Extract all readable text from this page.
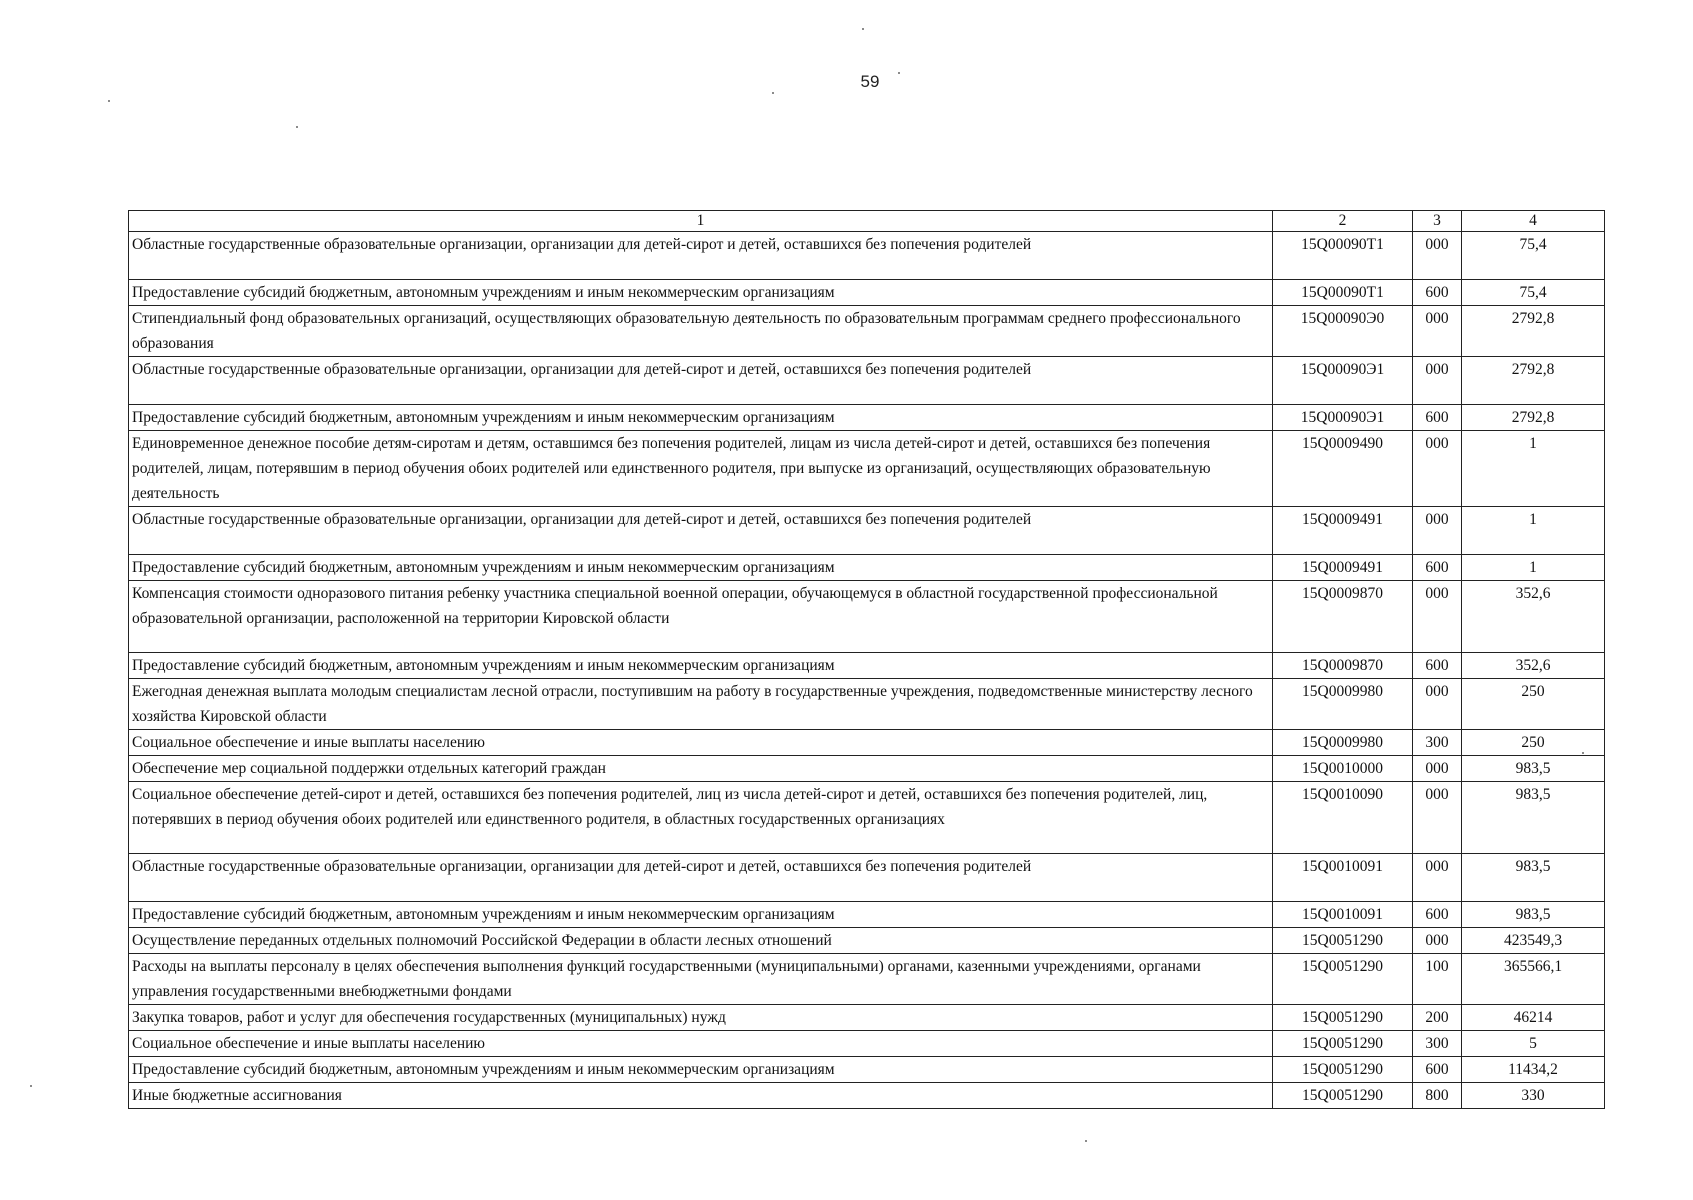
59
1	2	3	4
Областные государственные образовательные организации, организации для детей-сирот и детей, оставшихся без попечения родителей	15Q00090Т1	000	75,4
Предоставление субсидий бюджетным, автономным учреждениям и иным некоммерческим организациям	15Q00090Т1	600	75,4
Стипендиальный фонд образовательных организаций, осуществляющих образовательную деятельность по образовательным программам среднего профессионального образования	15Q00090Э0	000	2792,8
Областные государственные образовательные организации, организации для детей-сирот и детей, оставшихся без попечения родителей	15Q00090Э1	000	2792,8
Предоставление субсидий бюджетным, автономным учреждениям и иным некоммерческим организациям	15Q00090Э1	600	2792,8
Единовременное денежное пособие детям-сиротам и детям, оставшимся без попечения родителей, лицам из числа детей-сирот и детей, оставшихся без попечения родителей, лицам, потерявшим в период обучения обоих родителей или единственного родителя, при выпуске из организаций, осуществляющих образовательную деятельность	15Q0009490	000	1
Областные государственные образовательные организации, организации для детей-сирот и детей, оставшихся без попечения родителей	15Q0009491	000	1
Предоставление субсидий бюджетным, автономным учреждениям и иным некоммерческим организациям	15Q0009491	600	1
Компенсация стоимости одноразового питания ребенку участника специальной военной операции, обучающемуся в областной государственной профессиональной образовательной организации, расположенной на территории Кировской области	15Q0009870	000	352,6
Предоставление субсидий бюджетным, автономным учреждениям и иным некоммерческим организациям	15Q0009870	600	352,6
Ежегодная денежная выплата молодым специалистам лесной отрасли, поступившим на работу в государственные учреждения, подведомственные министерству лесного хозяйства Кировской области	15Q0009980	000	250
Социальное обеспечение и иные выплаты населению	15Q0009980	300	250
Обеспечение мер социальной поддержки отдельных категорий граждан	15Q0010000	000	983,5
Социальное обеспечение детей-сирот и детей, оставшихся без попечения родителей, лиц из числа детей-сирот и детей, оставшихся без попечения родителей, лиц, потерявших в период обучения обоих родителей или единственного родителя, в областных государственных организациях	15Q0010090	000	983,5
Областные государственные образовательные организации, организации для детей-сирот и детей, оставшихся без попечения родителей	15Q0010091	000	983,5
Предоставление субсидий бюджетным, автономным учреждениям и иным некоммерческим организациям	15Q0010091	600	983,5
Осуществление переданных отдельных полномочий Российской Федерации в области лесных отношений	15Q0051290	000	423549,3
Расходы на выплаты персоналу в целях обеспечения выполнения функций государственными (муниципальными) органами, казенными учреждениями, органами управления государственными внебюджетными фондами	15Q0051290	100	365566,1
Закупка товаров, работ и услуг для обеспечения государственных (муниципальных) нужд	15Q0051290	200	46214
Социальное обеспечение и иные выплаты населению	15Q0051290	300	5
Предоставление субсидий бюджетным, автономным учреждениям и иным некоммерческим организациям	15Q0051290	600	11434,2
Иные бюджетные ассигнования	15Q0051290	800	330
